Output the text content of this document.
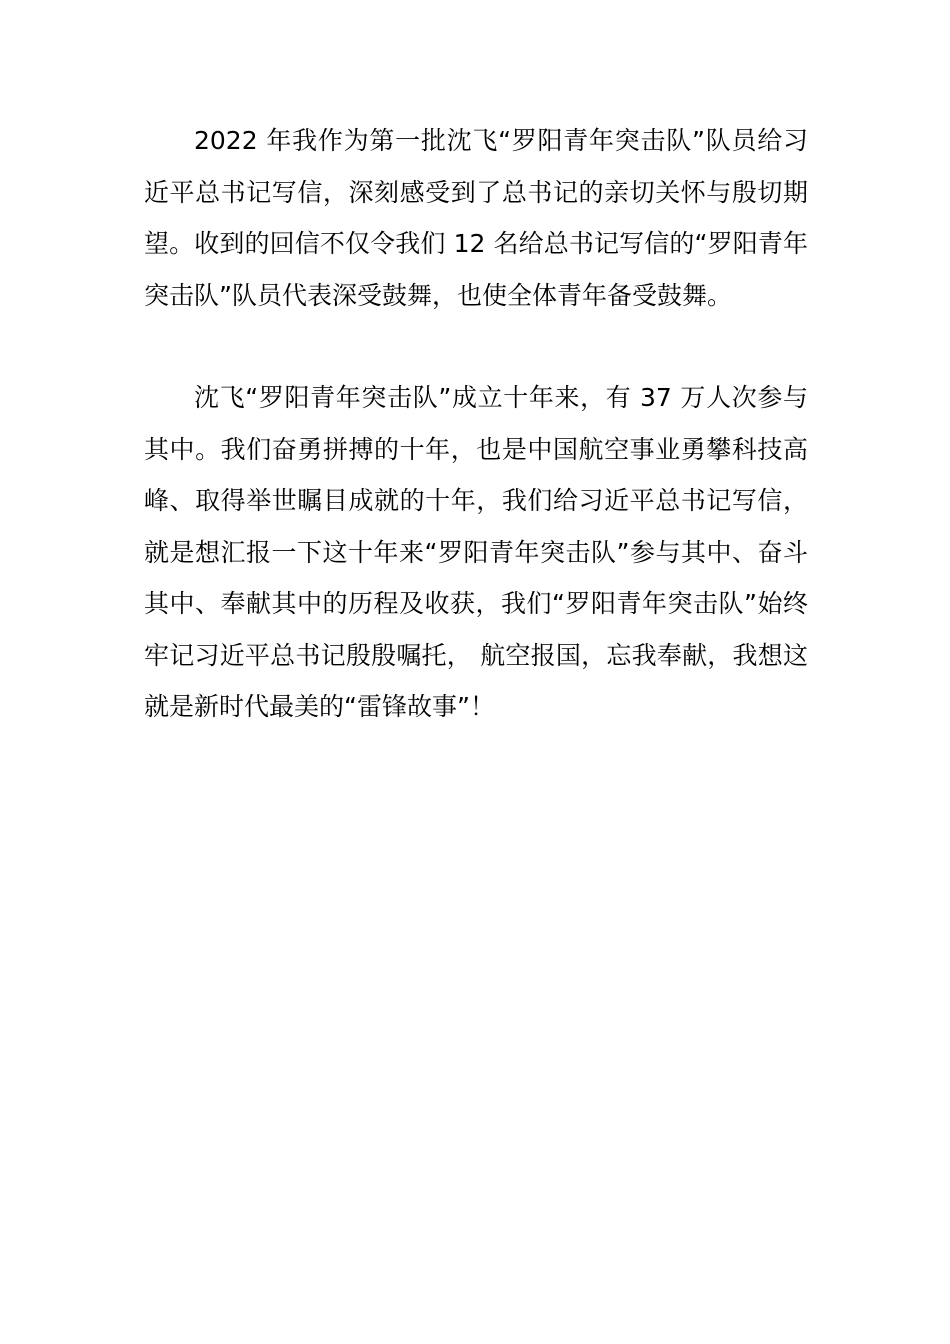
2022 年我作为第一批沈飞“罗阳青年突击队”队员给习近平总书记写信，深刻感受到了总书记的亲切关怀与殷切期望。收到的回信不仅令我们 12 名给总书记写信的“罗阳青年突击队”队员代表深受鼓舞，也使全体青年备受鼓舞。

沈飞“罗阳青年突击队”成立十年来，有 37 万人次参与其中。我们奋勇拼搏的十年，也是中国航空事业勇攀科技高峰、取得举世瞩目成就的十年，我们给习近平总书记写信，就是想汇报一下这十年来“罗阳青年突击队”参与其中、奋斗其中、奉献其中的历程及收获，我们“罗阳青年突击队”始终牢记习近平总书记殷殷嘱托， 航空报国，忘我奉献，我想这就是新时代最美的“雷锋故事”！
